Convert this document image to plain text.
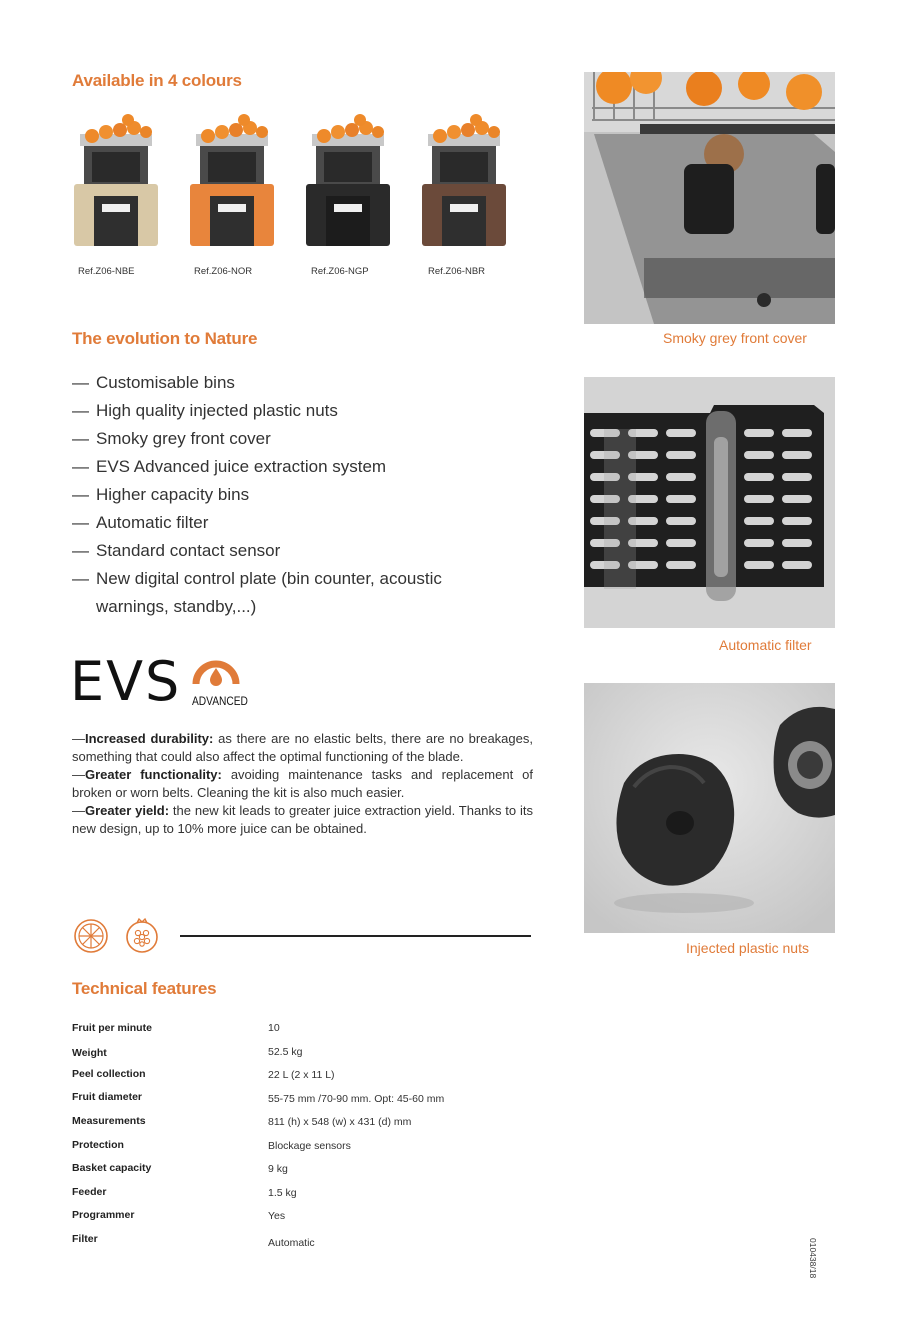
Available in 4 colours
Ref.Z06-NBE	Ref.Z06-NOR	Ref.Z06-NGP	Ref.Z06-NBR
The evolution to Nature
— Customisable bins
— High quality injected plastic nuts
— Smoky grey front cover
— EVS Advanced juice extraction system
— Higher capacity bins
— Automatic filter
— Standard contact sensor
— New digital control plate (bin counter, acoustic warnings, standby,...)
EVS ADVANCED

—Increased durability: as there are no elastic belts, there are no breakages, something that could also affect the optimal functioning of the blade.

—Greater functionality: avoiding maintenance tasks and replacement of broken or worn belts. Cleaning the kit is also much easier.

—Greater yield: the new kit leads to greater juice extraction yield. Thanks to its new design, up to 10% more juice can be obtained.

Technical features
Fruit per minute	10
Weight	52.5 kg
Peel collection	22 L (2 x 11 L)
Fruit diameter	55-75 mm /70-90 mm. Opt: 45-60 mm
Measurements	811 (h) x 548 (w) x 431 (d) mm
Protection	Blockage sensors
Basket capacity	9 kg
Feeder	1.5 kg
Programmer	Yes
Filter	Automatic
Smoky grey front cover
Automatic filter
Injected plastic nuts
010438/18
